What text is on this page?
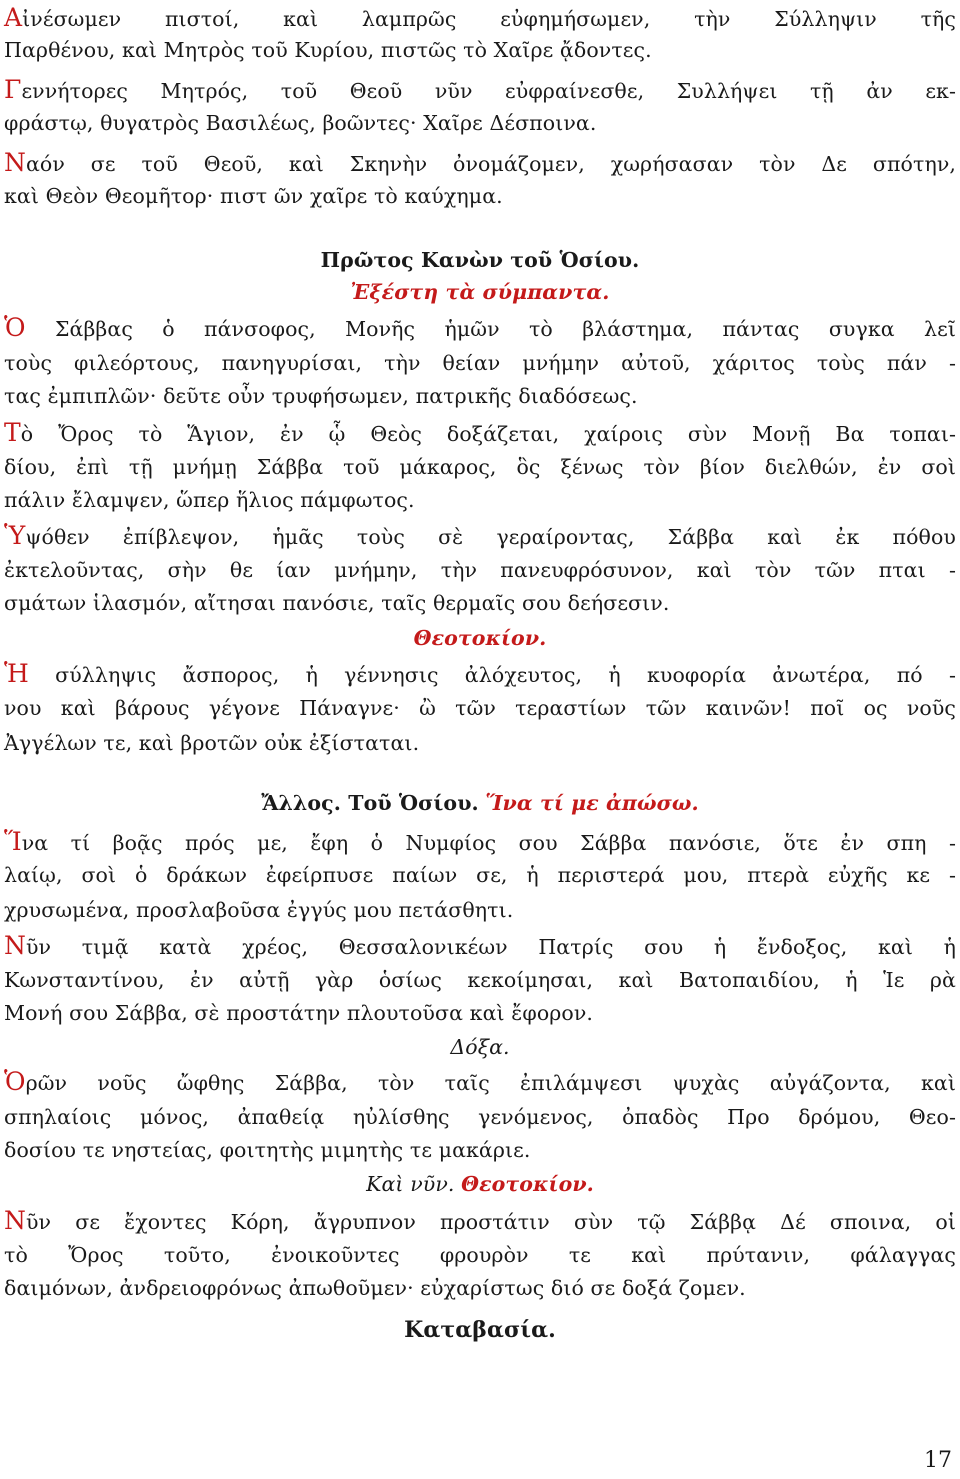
Αἰνέσωμεν πιστοί, καὶ λαμπρῶς εὐφημήσωμεν, τὴν Σύλληψιν τῆς
Παρθένου, καὶ Μητρὸς τοῦ Κυρίου, πιστῶς τὸ Χαῖρε ᾄδοντες.
Γεννήτορες Μητρός, τοῦ Θεοῦ νῦν εὐφραίνεσθε, Συλλήψει τῇ ἀν εκ-
φράστῳ, θυγατρὸς Βασιλέως, βοῶντες· Χαῖρε Δέσποινα.
Ναόν σε τοῦ Θεοῦ, καὶ Σκηνὴν ὀνομάζομεν, χωρήσασαν τὸν Δε σπότην,
καὶ Θεὸν Θεομῆτορ· πιστ ῶν χαῖρε τὸ καύχημα.
Πρῶτος Κανὼν τοῦ Ὁσίου.
Ἐξέστη τὰ σύμπαντα.
Ὁ Σάββας ὁ πάνσοφος, Μονῆς ἡμῶν τὸ βλάστημα, πάντας συγκα λεῖ
τοὺς φιλεόρτους, πανηγυρίσαι, τὴν θείαν μνήμην αὐτοῦ, χάριτος τοὺς πάν -
τας ἐμπιπλῶν· δεῦτε οὖν τρυφήσωμεν, πατρικῆς διαδόσεως.
Τὸ Ὄρος τὸ Ἅγιον, ἐν ᾧ Θεὸς δοξάζεται, χαίροις σὺν Μονῇ Βα τοπαι-
δίου, ἐπὶ τῇ μνήμῃ Σάββα τοῦ μάκαρος, ὃς ξένως τὸν βίον διελθών, ἐν σοὶ
πάλιν ἔλαμψεν, ὥπερ ἥλιος πάμφωτος.
Ὑψόθεν ἐπίβλεψον, ἡμᾶς τοὺς σὲ γεραίροντας, Σάββα καὶ ἐκ πόθου
ἐκτελοῦντας, σὴν θε ίαν μνήμην, τὴν πανευφρόσυνον, καὶ τὸν τῶν πται -
σμάτων ἱλασμόν, αἴτησαι πανόσιε, ταῖς θερμαῖς σου δεήσεσιν.
Θεοτοκίον.
Ἡ σύλληψις ἄσπορος, ἡ γέννησις ἀλόχευτος, ἡ κυοφορία ἀνωτέρα, πό -
νου καὶ βάρους γέγονε Πάναγνε· ὢ τῶν τεραστίων τῶν καινῶν! ποῖ ος νοῦς
Ἀγγέλων τε, καὶ βροτῶν οὐκ ἐξίσταται.
Ἄλλος. Τοῦ Ὁσίου. Ἵνα τί με ἀπώσω.
Ἵνα τί βοᾷς πρός με, ἔφη ὁ Νυμφίος σου Σάββα πανόσιε, ὅτε ἐν σπη -
λαίῳ, σοὶ ὁ δράκων ἐφείρπυσε παίων σε, ἡ περιστερά μου, πτερὰ εὐχῆς κε -
χρυσωμένα, προσλαβοῦσα ἐγγύς μου πετάσθητι.
Νῦν τιμᾷ κατὰ χρέος, Θεσσαλονικέων Πατρίς σου ἡ ἔνδοξος, καὶ ἡ
Κωνσταντίνου, ἐν αὐτῇ γὰρ ὁσίως κεκοίμησαι, καὶ Βατοπαιδίου, ἡ Ἱε ρὰ
Μονή σου Σάββα, σὲ προστάτην πλουτοῦσα καὶ ἔφορον.
Δόξα.
Ὁρῶν νοῦς ὤφθης Σάββα, τὸν ταῖς ἐπιλάμψεσι ψυχὰς αὐγάζοντα, καὶ
σπηλαίοις μόνος, ἀπαθείᾳ ηὐλίσθης γενόμενος, ὀπαδὸς Προ δρόμου, Θεο-
δοσίου τε νηστείας, φοιτητὴς μιμητὴς τε μακάριε.
Καὶ νῦν. Θεοτοκίον.
Νῦν σε ἔχοντες Κόρη, ἄγρυπνον προστάτιν σὺν τῷ Σάββᾳ Δέ σποινα, οἱ
τὸ Ὄρος τοῦτο, ἐνοικοῦντες φρουρὸν τε καὶ πρύτανιν, φάλαγγας
δαιμόνων, ἀνδρειοφρόνως ἀπωθοῦμεν· εὐχαρίστως διό σε δοξά ζομεν.
Καταβασία.
17
